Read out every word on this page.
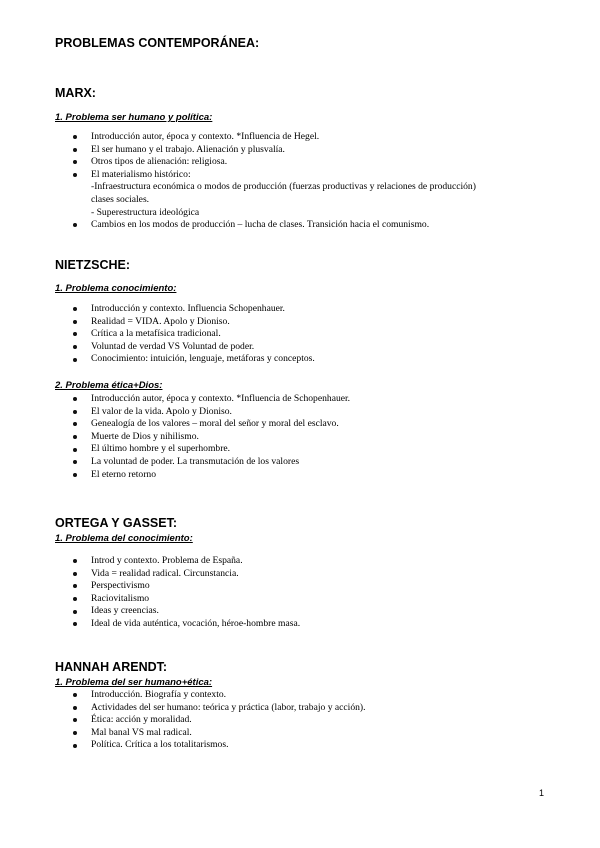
PROBLEMAS CONTEMPORÁNEA:
MARX:
1. Problema ser humano y política:
Introducción autor, época y contexto. *Influencia de Hegel.
El ser humano y el trabajo. Alienación y plusvalía.
Otros tipos de alienación: religiosa.
El materialismo histórico:
-Infraestructura económica o modos de producción (fuerzas productivas y relaciones de producción)
clases sociales.
- Superestructura ideológica
Cambios en los modos de producción – lucha de clases. Transición hacia el comunismo.
NIETZSCHE:
1. Problema conocimiento:
Introducción y contexto. Influencia Schopenhauer.
Realidad = VIDA. Apolo y Dioniso.
Crítica a la metafísica tradicional.
Voluntad de verdad VS Voluntad de poder.
Conocimiento: intuición, lenguaje, metáforas y conceptos.
2. Problema ética+Dios:
Introducción autor, época y contexto. *Influencia de Schopenhauer.
El valor de la vida. Apolo y Dioniso.
Genealogía de los valores – moral del señor y moral del esclavo.
Muerte de Dios y nihilismo.
El último hombre y el superhombre.
La voluntad de poder. La transmutación de los valores
El eterno retorno
ORTEGA Y GASSET:
1. Problema del conocimiento:
Introd y contexto. Problema de España.
Vida = realidad radical. Circunstancia.
Perspectivismo
Raciovitalismo
Ideas y creencias.
Ideal de vida auténtica, vocación, héroe-hombre masa.
HANNAH ARENDT:
1. Problema del ser humano+ética:
Introducción. Biografía y contexto.
Actividades del ser humano: teórica y práctica (labor, trabajo y acción).
Ética: acción y moralidad.
Mal banal VS mal radical.
Política. Crítica a los totalitarismos.
1
